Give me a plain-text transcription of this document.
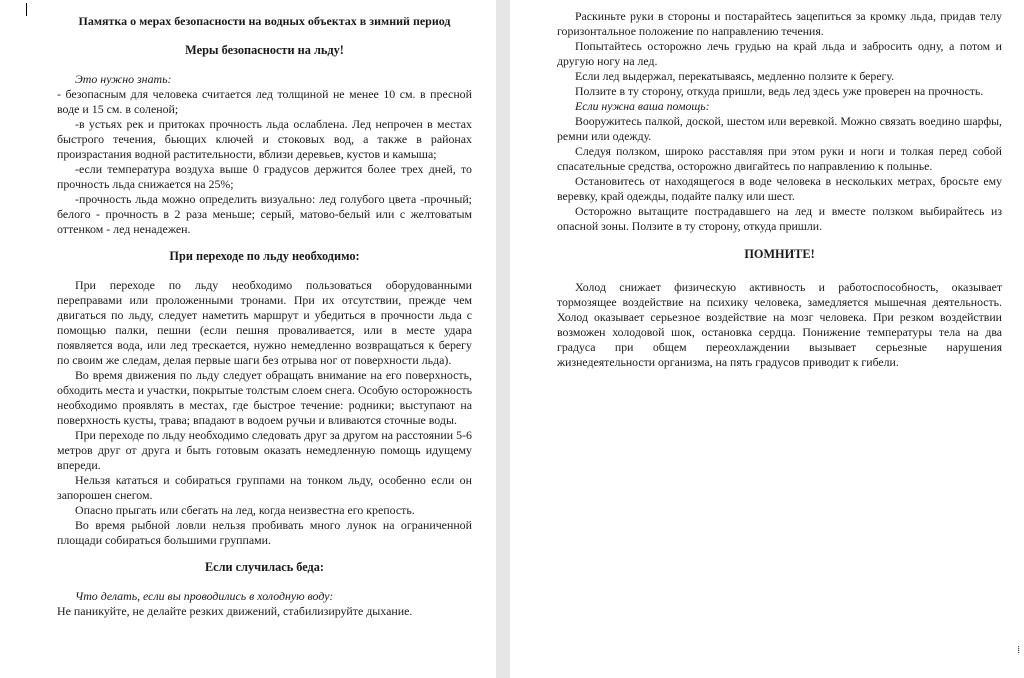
Памятка о мерах безопасности на водных объектах в зимний период
Меры безопасности на льду!

Это нужно знать:

- безопасным для человека считается лед толщиной не менее 10 см. в пресной воде и 15 см. в соленой;

-в устьях рек и притоках прочность льда ослаблена. Лед непрочен в местах быстрого течения, бьющих ключей и стоковых вод, а также в районах произрастания водной растительности, вблизи деревьев, кустов и камыша;

-если температура воздуха выше 0 градусов держится более трех дней, то прочность льда снижается на 25%;

-прочность льда можно определить визуально: лед голубого цвета -прочный; белого - прочность в 2 раза меньше; серый, матово-белый или с желтоватым оттенком - лед ненадежен.

При переходе по льду необходимо:

При переходе по льду необходимо пользоваться оборудованными переправами или проложенными тронами. При их отсутствии, прежде чем двигаться по льду, следует наметить маршрут и убедиться в прочности льда с помощью палки, пешни (если пешня проваливается, или в месте удара появляется вода, или лед трескается, нужно немедленно возвращаться к берегу по своим же следам, делая первые шаги без отрыва ног от поверхности льда).

Во время движения по льду следует обращать внимание на его поверхность, обходить места и участки, покрытые толстым слоем снега. Особую осторожность необходимо проявлять в местах, где быстрое течение: родники; выступают на поверхность кусты, трава; впадают в водоем ручьи и вливаются сточные воды.

При переходе по льду необходимо следовать друг за другом на расстоянии 5-6 метров друг от друга и быть готовым оказать немедленную помощь идущему впереди.

Нельзя кататься и собираться группами на тонком льду, особенно если он запорошен снегом.

Опасно прыгать или сбегать на лед, когда неизвестна его крепость.

Во время рыбной ловли нельзя пробивать много лунок на ограниченной площади собираться большими группами.

Если случилась беда:

Что делать, если вы проводились в холодную воду:

Не паникуйте, не делайте резких движений, стабилизируйте дыхание.

Раскиньте руки в стороны и постарайтесь зацепиться за кромку льда, придав телу горизонтальное положение по направлению течения.

Попытайтесь осторожно лечь грудью на край льда и забросить одну, а потом и другую ногу на лед.

Если лед выдержал, перекатываясь, медленно ползите к берегу.

Ползите в ту сторону, откуда пришли, ведь лед здесь уже проверен на прочность.

Если нужна ваша помощь:

Вооружитесь палкой, доской, шестом или веревкой. Можно связать воедино шарфы, ремни или одежду.

Следуя ползком, широко расставляя при этом руки и ноги и толкая перед собой спасательные средства, осторожно двигайтесь по направлению к полынье.

Остановитесь от находящегося в воде человека в нескольких метрах, бросьте ему веревку, край одежды, подайте палку или шест.

Осторожно вытащите пострадавшего на лед и вместе ползком выбирайтесь из опасной зоны. Ползите в ту сторону, откуда пришли.

ПОМНИТЕ!

Холод снижает физическую активность и работоспособность, оказывает тормозящее воздействие на психику человека, замедляется мышечная деятельность. Холод оказывает серьезное воздействие на мозг человека. При резком воздействии возможен холодовой шок, остановка сердца. Понижение температуры тела на два градуса при общем переохлаждении вызывает серьезные нарушения жизнедеятельности организма, на пять градусов приводит к гибели.

⁞
